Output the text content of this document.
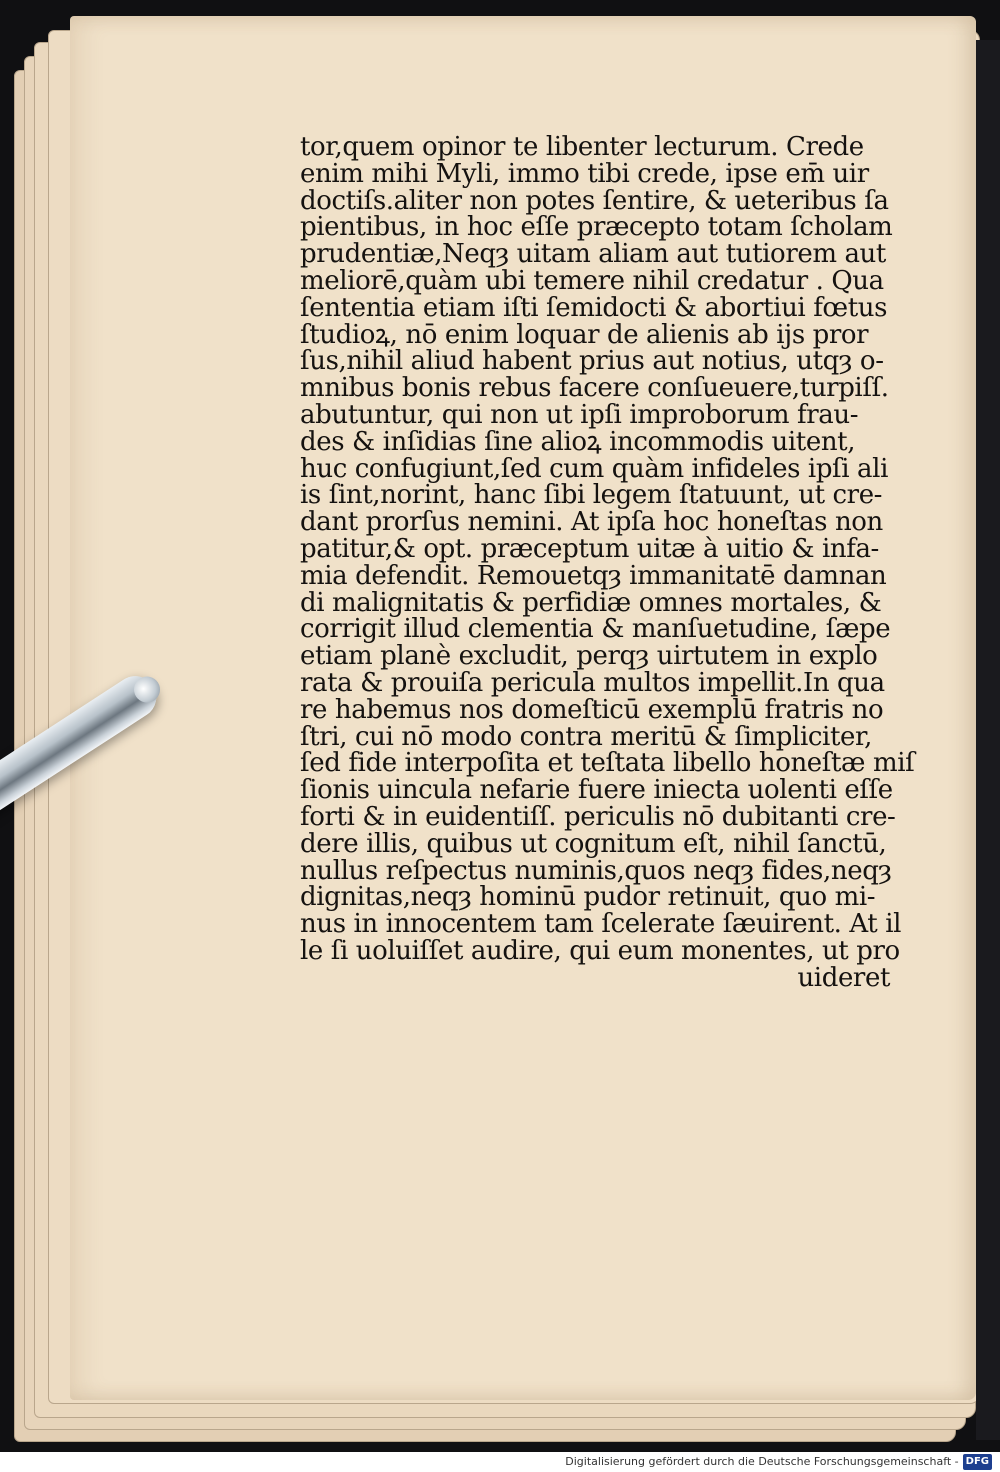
tor,quem opinor te libenter lecturum. Crede
enim mihi Myli, immo tibi crede, ipse em̄ uir
doctiſs.aliter non potes ſentire, & ueteribus ſa
pientibus, in hoc eſſe præcepto totam ſcholam
prudentiæ,Neqȝ uitam aliam aut tutiorem aut
meliorē,quàm ubi temere nihil credatur . Qua
ſententia etiam iſti ſemidocti & abortiui fœtus
ſtudioꝝ, nō enim loquar de alienis ab ijs pror
ſus,nihil aliud habent prius aut notius, utqȝ o-
mnibus bonis rebus facere conſueuere,turpiſſ.
abutuntur, qui non ut ipſi improborum frau-
des & inſidias ſine alioꝝ incommodis uitent,
huc confugiunt,ſed cum quàm infideles ipſi ali
is ſint,norint, hanc ſibi legem ſtatuunt, ut cre-
dant prorſus nemini. At ipſa hoc honeſtas non
patitur,& opt. præceptum uitæ à uitio & infa-
mia defendit. Remouetqȝ immanitatē damnan
di malignitatis & perfidiæ omnes mortales, &
corrigit illud clementia & manſuetudine, ſæpe
etiam planè excludit, perqȝ uirtutem in explo
rata & prouiſa pericula multos impellit.In qua
re habemus nos domeſticū exemplū fratris no
ſtri, cui nō modo contra meritū & ſimpliciter,
ſed fide interpoſita et teſtata libello honeſtæ miſ
ſionis uincula nefarie fuere iniecta uolenti eſſe
forti & in euidentiſſ. periculis nō dubitanti cre-
dere illis, quibus ut cognitum eſt, nihil ſanctū,
nullus reſpectus numinis,quos neqȝ fides,neqȝ
dignitas,neqȝ hominū pudor retinuit, quo mi-
nus in innocentem tam ſcelerate ſæuirent. At il
le ſi uoluiſſet audire, qui eum monentes, ut pro
uideret
Digitalisierung gefördert durch die Deutsche Forschungsgemeinschaft - DFG
